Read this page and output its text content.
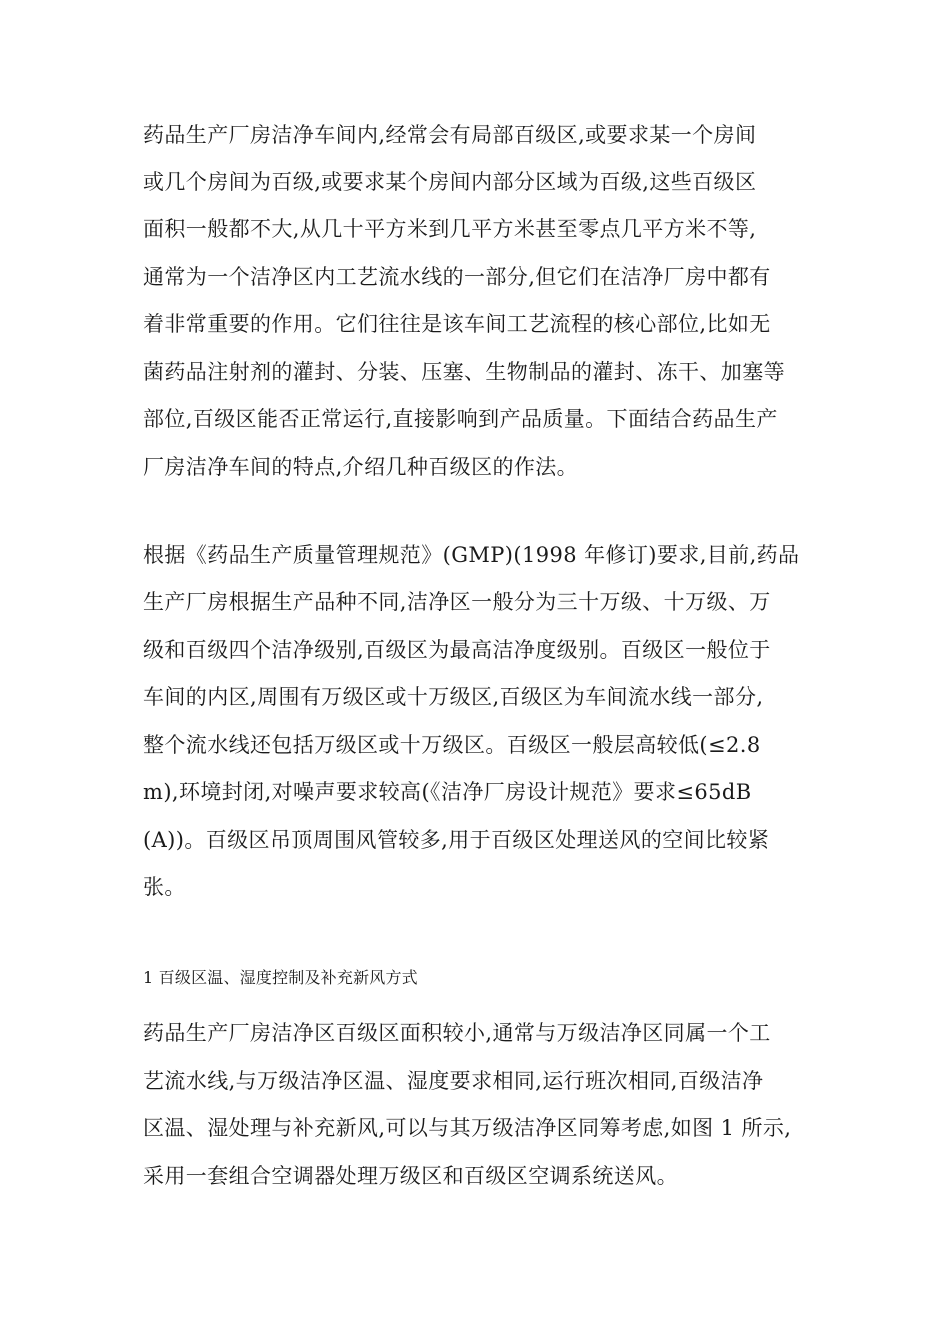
药品生产厂房洁净车间内,经常会有局部百级区,或要求某一个房间
或几个房间为百级,或要求某个房间内部分区域为百级,这些百级区
面积一般都不大,从几十平方米到几平方米甚至零点几平方米不等,
通常为一个洁净区内工艺流水线的一部分,但它们在洁净厂房中都有
着非常重要的作用。它们往往是该车间工艺流程的核心部位,比如无
菌药品注射剂的灌封、分装、压塞、生物制品的灌封、冻干、加塞等
部位,百级区能否正常运行,直接影响到产品质量。下面结合药品生产
厂房洁净车间的特点,介绍几种百级区的作法。
根据《药品生产质量管理规范》(GMP)(1998 年修订)要求,目前,药品
生产厂房根据生产品种不同,洁净区一般分为三十万级、十万级、万
级和百级四个洁净级别,百级区为最高洁净度级别。百级区一般位于
车间的内区,周围有万级区或十万级区,百级区为车间流水线一部分,
整个流水线还包括万级区或十万级区。百级区一般层高较低(≤2.8
m),环境封闭,对噪声要求较高(《洁净厂房设计规范》要求≤65dB
(A))。百级区吊顶周围风管较多,用于百级区处理送风的空间比较紧
张。
1 百级区温、湿度控制及补充新风方式
药品生产厂房洁净区百级区面积较小,通常与万级洁净区同属一个工
艺流水线,与万级洁净区温、湿度要求相同,运行班次相同,百级洁净
区温、湿处理与补充新风,可以与其万级洁净区同筹考虑,如图 1 所示,
采用一套组合空调器处理万级区和百级区空调系统送风。
